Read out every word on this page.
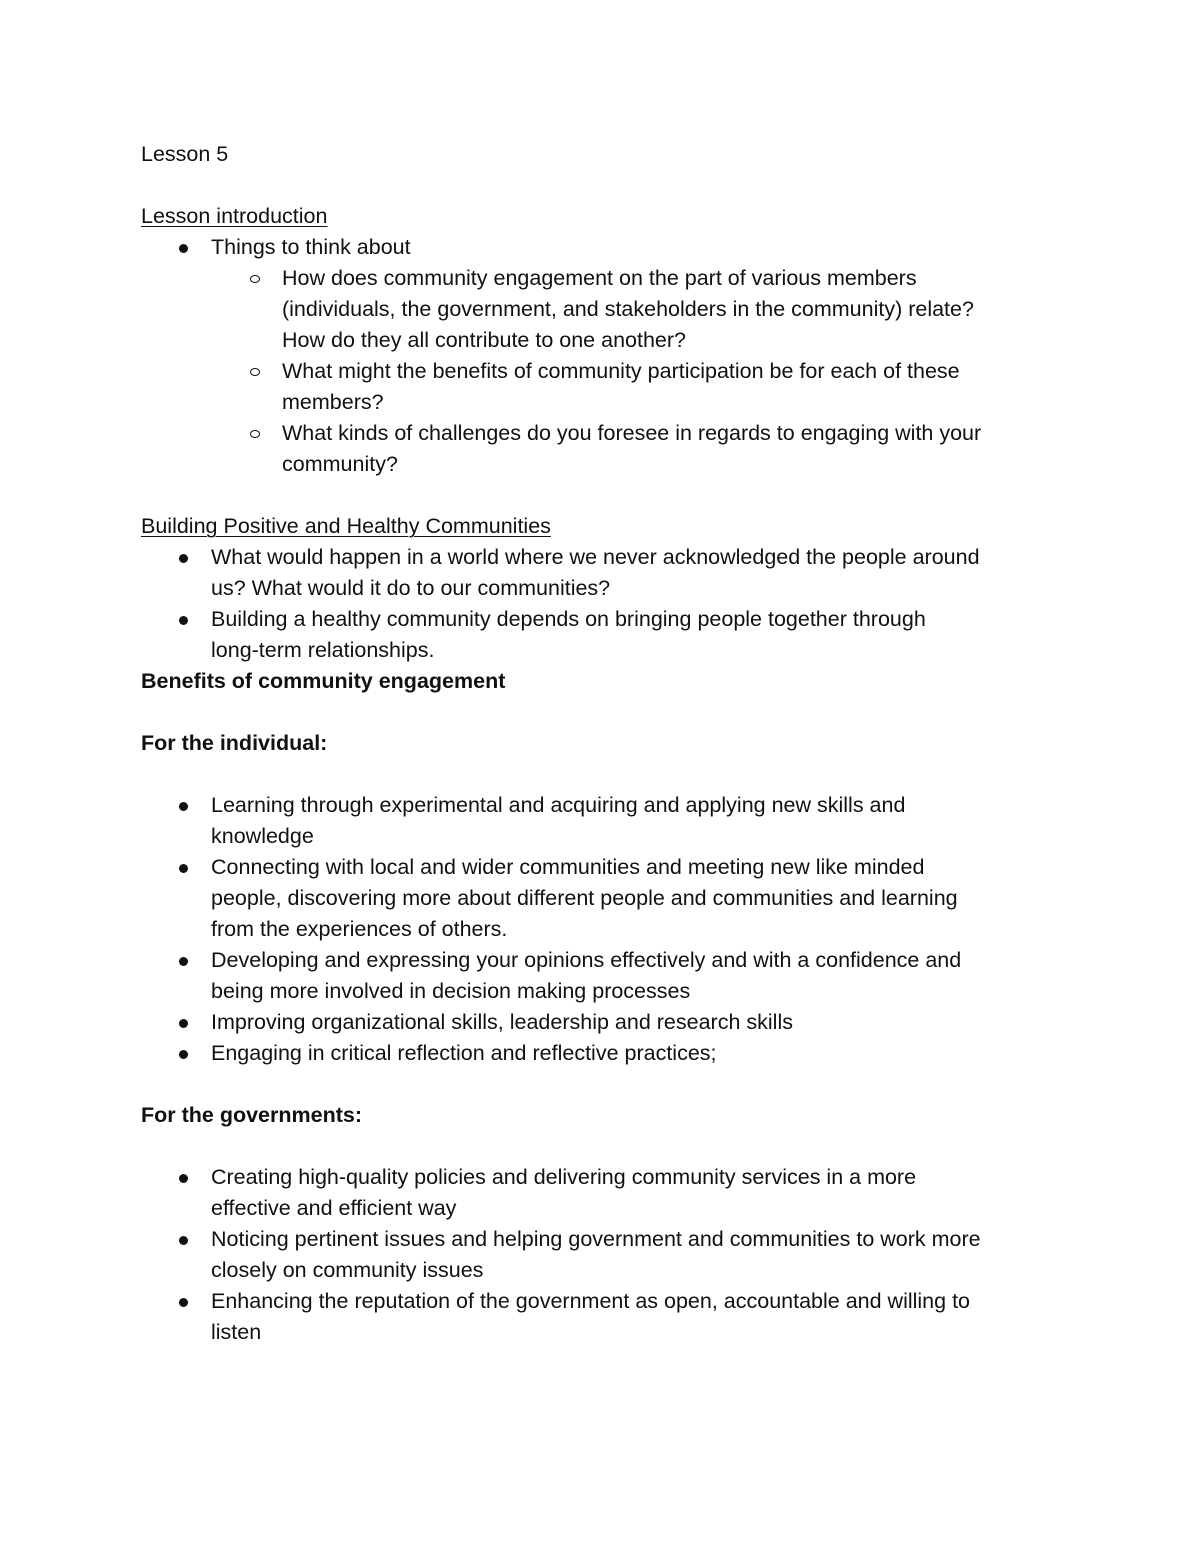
Lesson 5

Lesson introduction

Things to think about
How does community engagement on the part of various members
(individuals, the government, and stakeholders in the community) relate?
How do they all contribute to one another?
What might the benefits of community participation be for each of these
members?
What kinds of challenges do you foresee in regards to engaging with your
community?

Building Positive and Healthy Communities

What would happen in a world where we never acknowledged the people around
us? What would it do to our communities?
Building a healthy community depends on bringing people together through
long-term relationships.

Benefits of community engagement

For the individual:

Learning through experimental and acquiring and applying new skills and
knowledge
Connecting with local and wider communities and meeting new like minded
people, discovering more about different people and communities and learning
from the experiences of others.
Developing and expressing your opinions effectively and with a confidence and
being more involved in decision making processes
Improving organizational skills, leadership and research skills
Engaging in critical reflection and reflective practices;

For the governments:

Creating high-quality policies and delivering community services in a more
effective and efficient way
Noticing pertinent issues and helping government and communities to work more
closely on community issues
Enhancing the reputation of the government as open, accountable and willing to
listen
